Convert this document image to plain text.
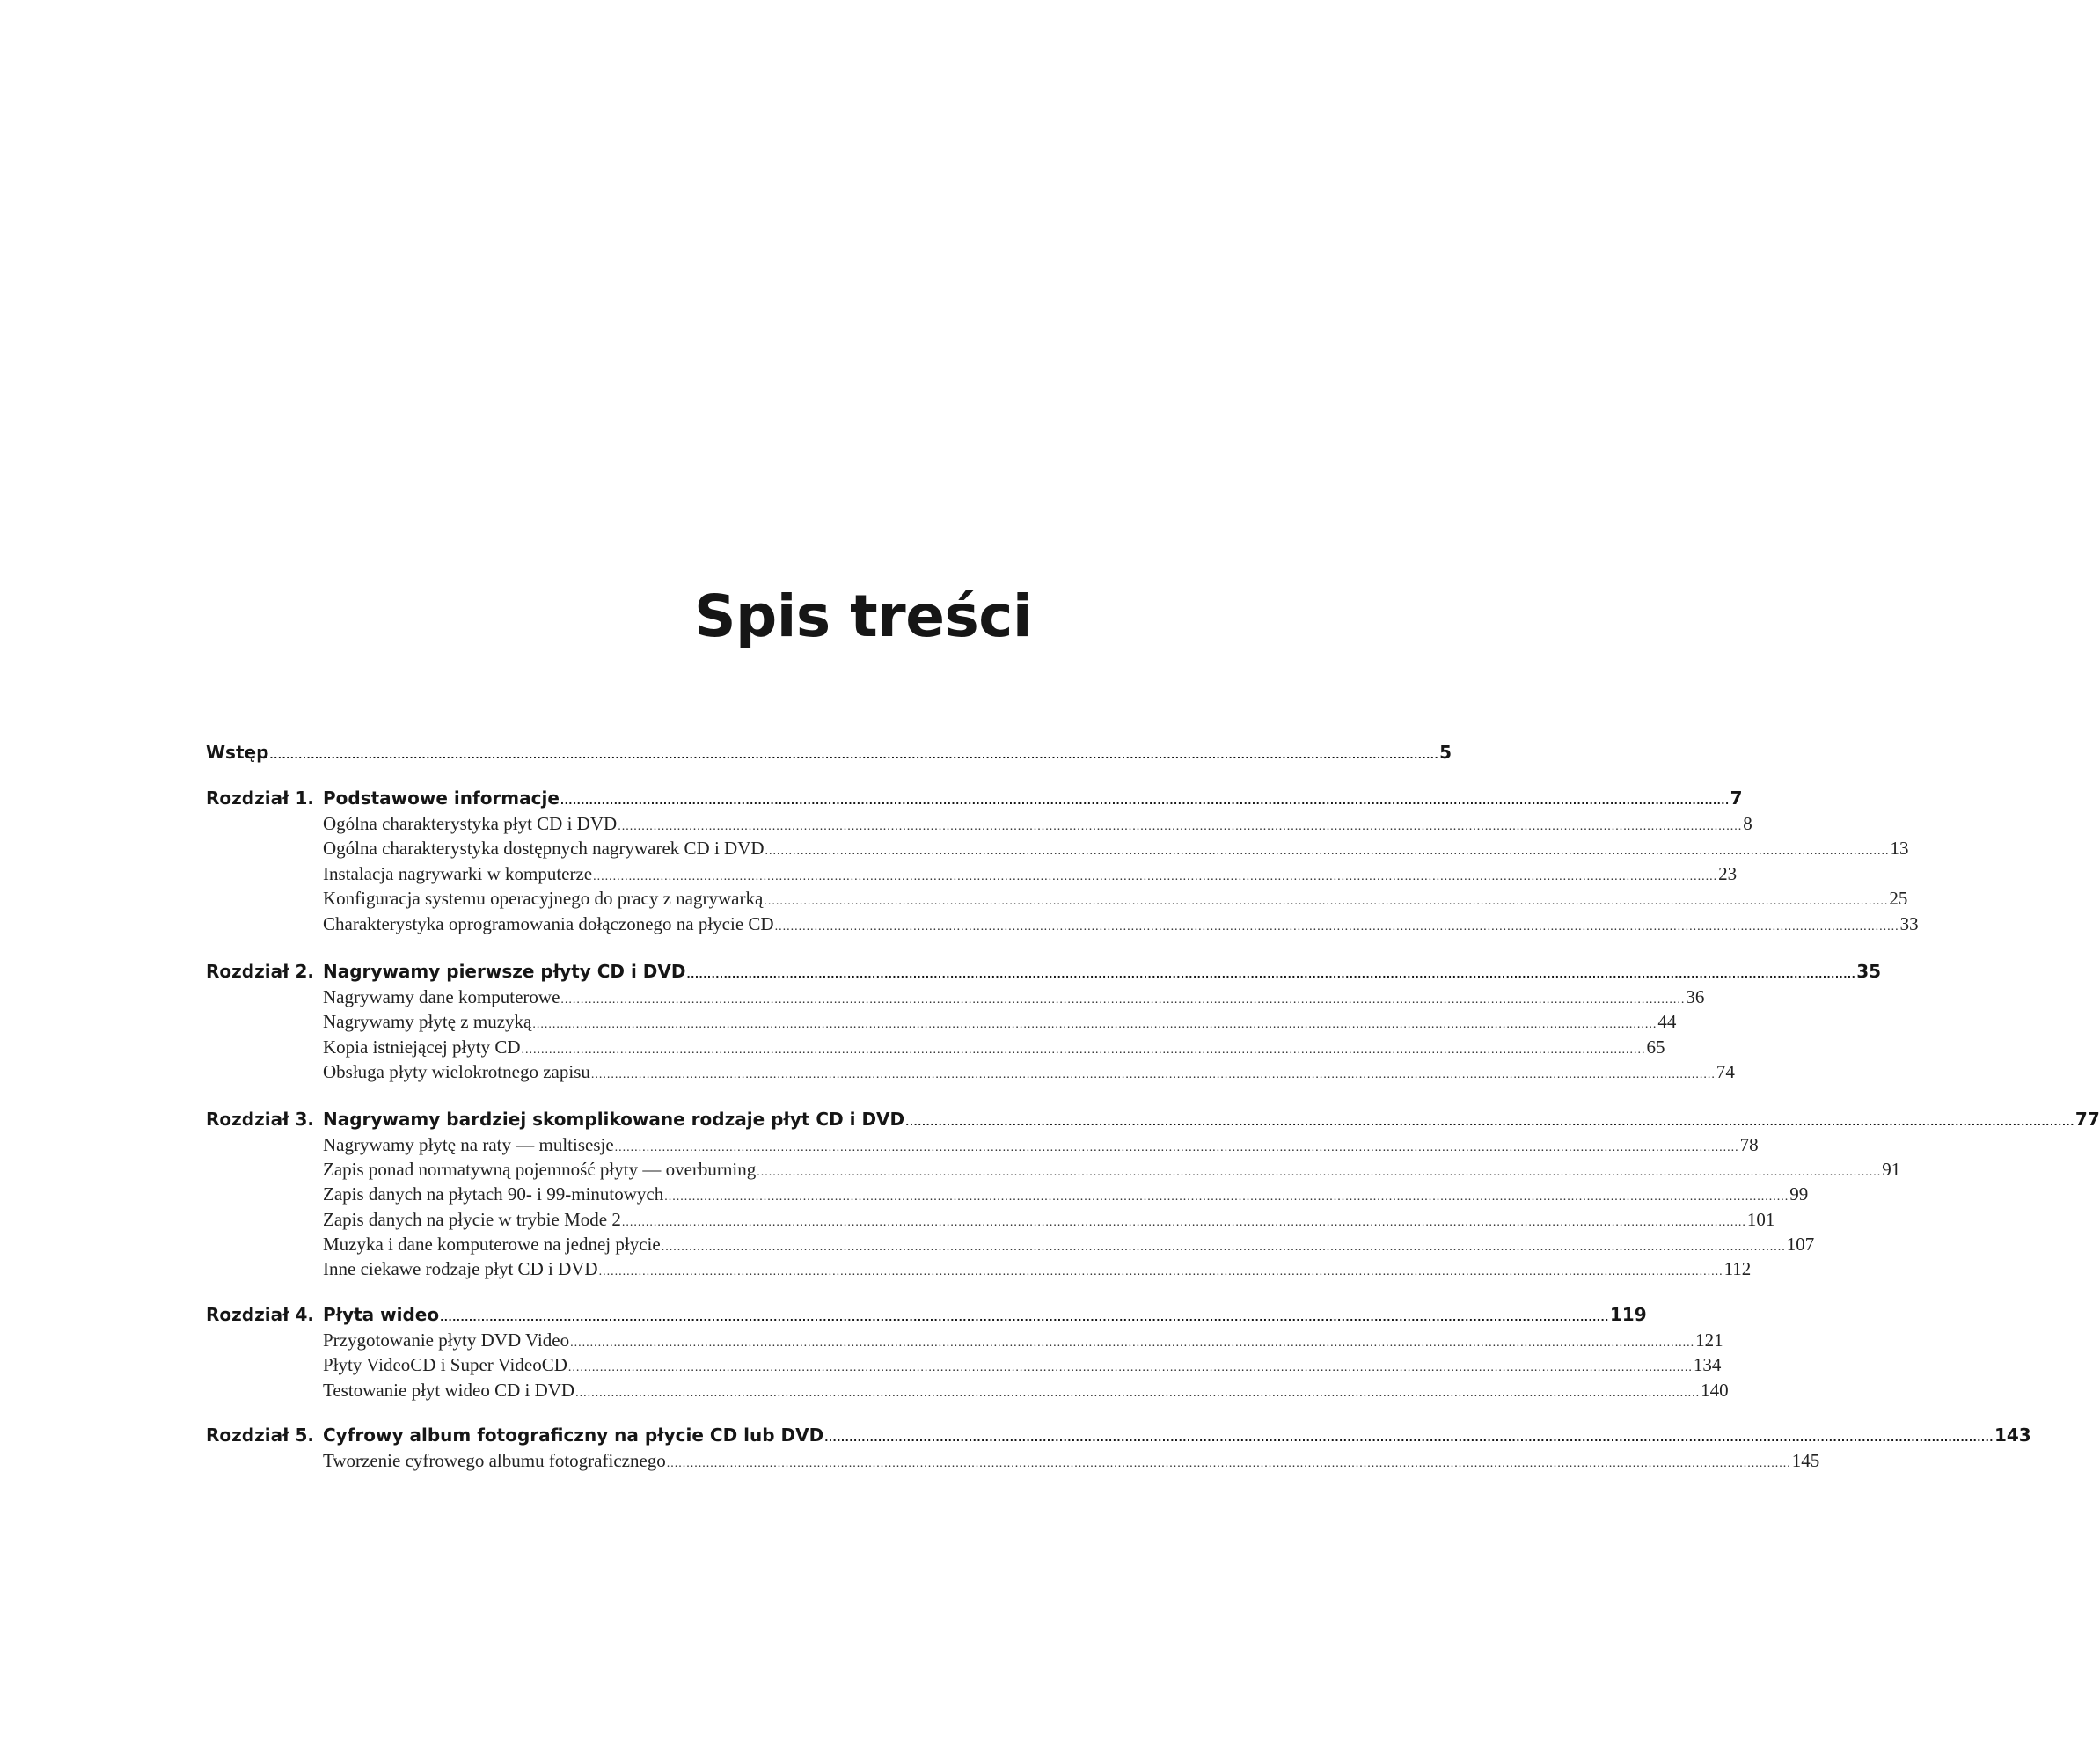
Spis treści
Wstęp .....	5
Rozdział 1. Podstawowe informacje .....	7
Ogólna charakterystyka płyt CD i DVD .....	8
Ogólna charakterystyka dostępnych nagrywarek CD i DVD .....	13
Instalacja nagrywarki w komputerze .....	23
Konfiguracja systemu operacyjnego do pracy z nagrywarką .....	25
Charakterystyka oprogramowania dołączonego na płycie CD .....	33
Rozdział 2. Nagrywamy pierwsze płyty CD i DVD .....	35
Nagrywamy dane komputerowe .....	36
Nagrywamy płytę z muzyką .....	44
Kopia istniejącej płyty CD .....	65
Obsługa płyty wielokrotnego zapisu .....	74
Rozdział 3. Nagrywamy bardziej skomplikowane rodzaje płyt CD i DVD .....	77
Nagrywamy płytę na raty — multisesje .....	78
Zapis ponad normatywną pojemność płyty — overburning .....	91
Zapis danych na płytach 90- i 99-minutowych .....	99
Zapis danych na płycie w trybie Mode 2 .....	101
Muzyka i dane komputerowe na jednej płycie .....	107
Inne ciekawe rodzaje płyt CD i DVD .....	112
Rozdział 4. Płyta wideo .....	119
Przygotowanie płyty DVD Video .....	121
Płyty VideoCD i Super VideoCD .....	134
Testowanie płyt wideo CD i DVD .....	140
Rozdział 5. Cyfrowy album fotograficzny na płycie CD lub DVD .....	143
Tworzenie cyfrowego albumu fotograficznego .....	145
